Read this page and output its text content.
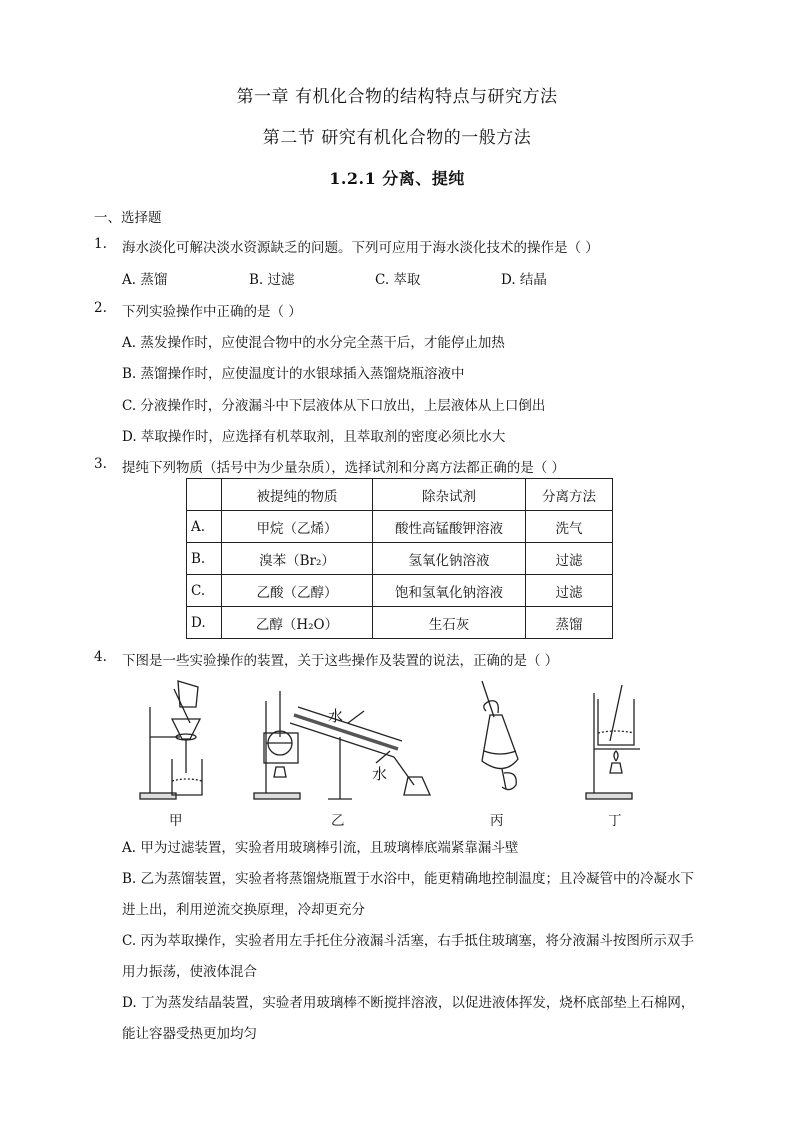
第一章 有机化合物的结构特点与研究方法
第二节 研究有机化合物的一般方法
1.2.1 分离、提纯
一、选择题
1. 海水淡化可解决淡水资源缺乏的问题。下列可应用于海水淡化技术的操作是（ ）
A. 蒸馏	B. 过滤	C. 萃取	D. 结晶
2. 下列实验操作中正确的是（ ）
A. 蒸发操作时，应使混合物中的水分完全蒸干后，才能停止加热
B. 蒸馏操作时，应使温度计的水银球插入蒸馏烧瓶溶液中
C. 分液操作时，分液漏斗中下层液体从下口放出，上层液体从上口倒出
D. 萃取操作时，应选择有机萃取剂，且萃取剂的密度必须比水大
3. 提纯下列物质（括号中为少量杂质），选择试剂和分离方法都正确的是（ ）
	被提纯的物质	除杂试剂	分离方法
A.	甲烷（乙烯）	酸性高锰酸钾溶液	洗气
B.	溴苯（Br₂）	氢氧化钠溶液	过滤
C.	乙酸（乙醇）	饱和氢氧化钠溶液	过滤
D.	乙醇（H₂O）	生石灰	蒸馏
4. 下图是一些实验操作的装置，关于这些操作及装置的说法，正确的是（ ）
水
水
甲	乙	丙	丁
A. 甲为过滤装置，实验者用玻璃棒引流，且玻璃棒底端紧靠漏斗壁
B. 乙为蒸馏装置，实验者将蒸馏烧瓶置于水浴中，能更精确地控制温度；且冷凝管中的冷凝水下进上出，利用逆流交换原理，冷却更充分
C. 丙为萃取操作，实验者用左手托住分液漏斗活塞，右手抵住玻璃塞，将分液漏斗按图所示双手用力振荡，使液体混合
D. 丁为蒸发结晶装置，实验者用玻璃棒不断搅拌溶液，以促进液体挥发，烧杯底部垫上石棉网，能让容器受热更加均匀
